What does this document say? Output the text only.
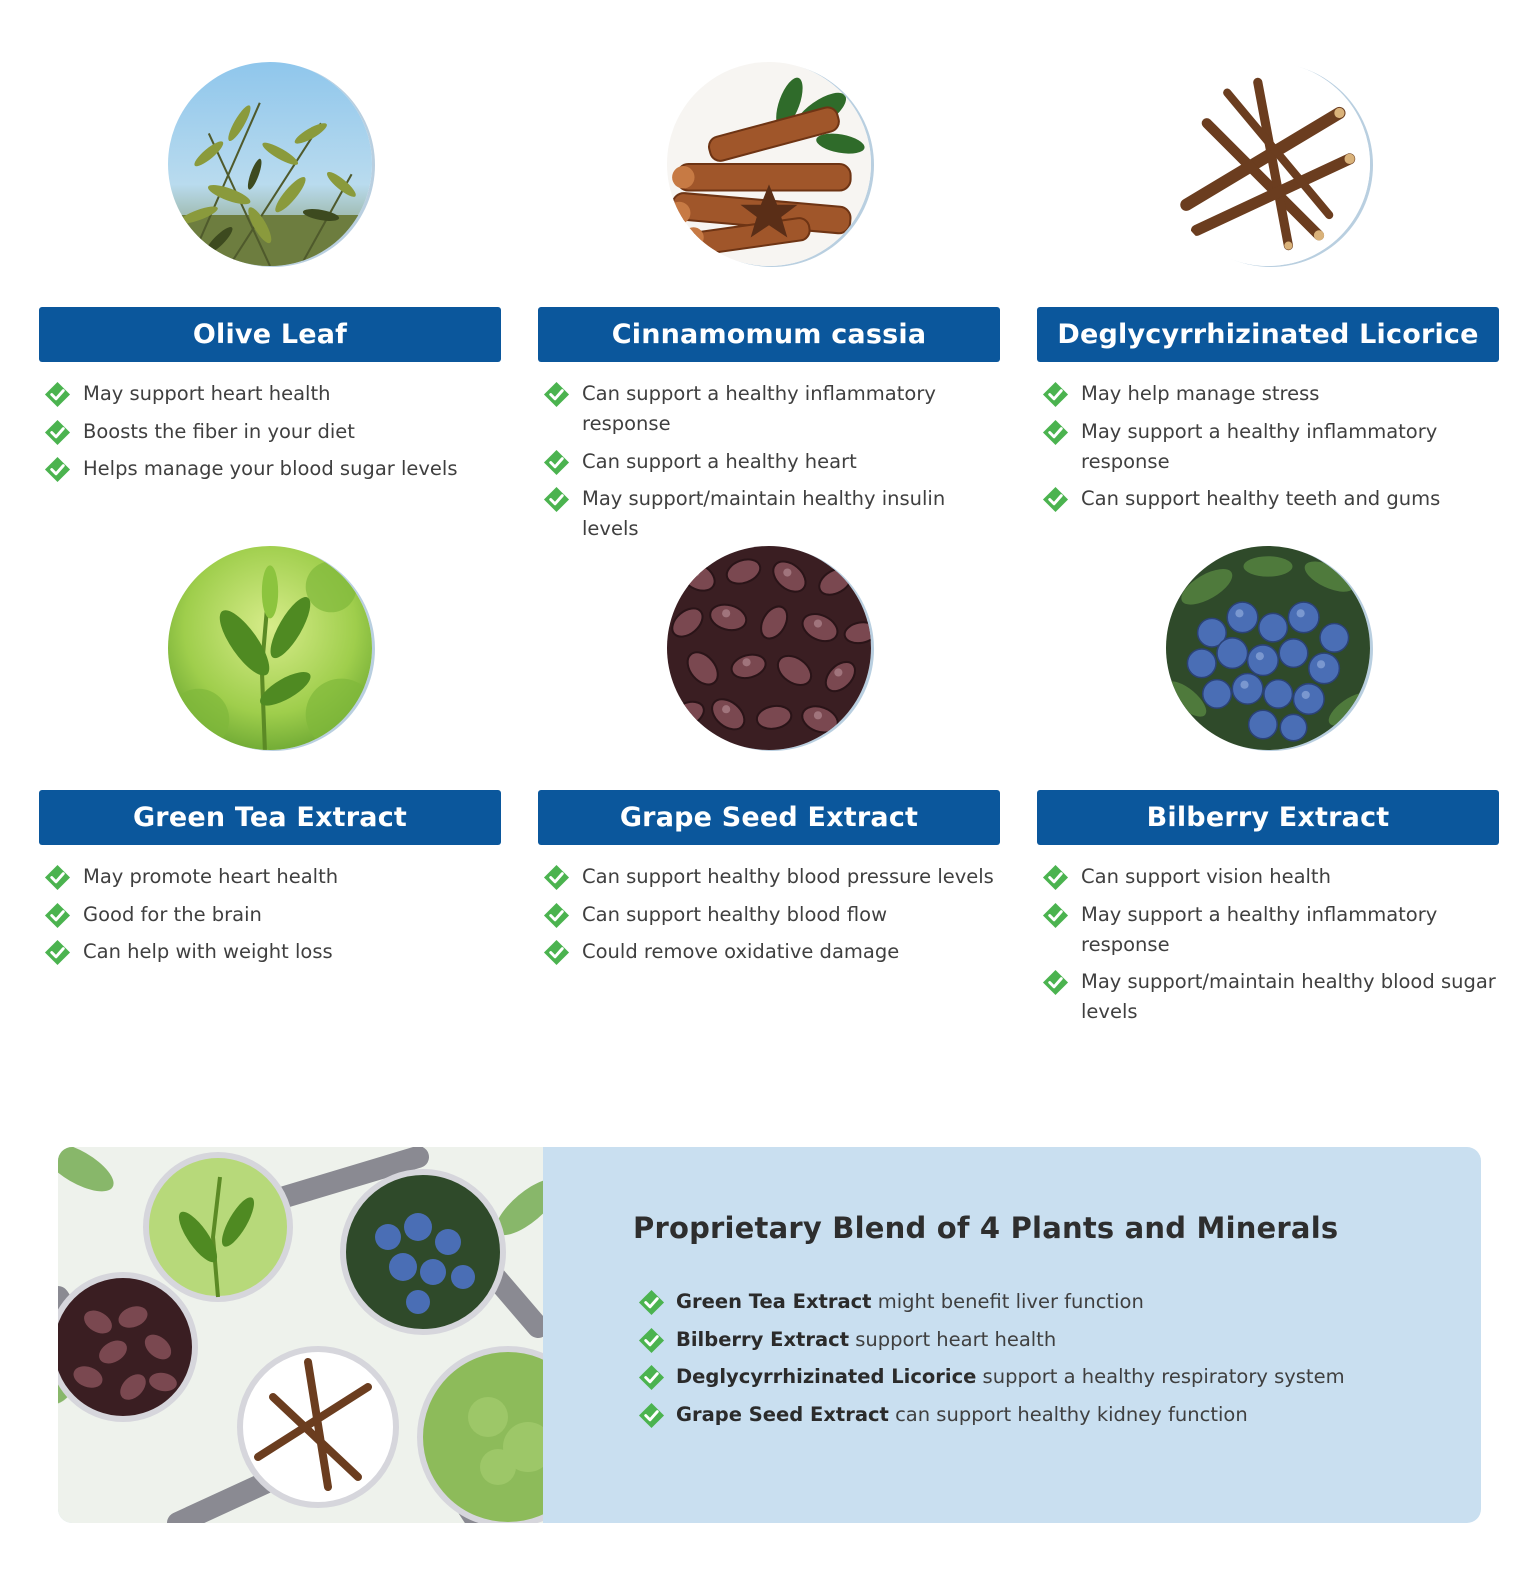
Olive Leaf
May support heart health
Boosts the fiber in your diet
Helps manage your blood sugar levels
Cinnamomum cassia
Can support a healthy inflammatory response
Can support a healthy heart
May support/maintain healthy insulin levels
Deglycyrrhizinated Licorice
May help manage stress
May support a healthy inflammatory response
Can support healthy teeth and gums
Green Tea Extract
May promote heart health
Good for the brain
Can help with weight loss
Grape Seed Extract
Can support healthy blood pressure levels
Can support healthy blood flow
Could remove oxidative damage
Bilberry Extract
Can support vision health
May support a healthy inflammatory response
May support/maintain healthy blood sugar levels
Proprietary Blend of 4 Plants and Minerals
Green Tea Extract might benefit liver function
Bilberry Extract support heart health
Deglycyrrhizinated Licorice support a healthy respiratory system
Grape Seed Extract can support healthy kidney function
